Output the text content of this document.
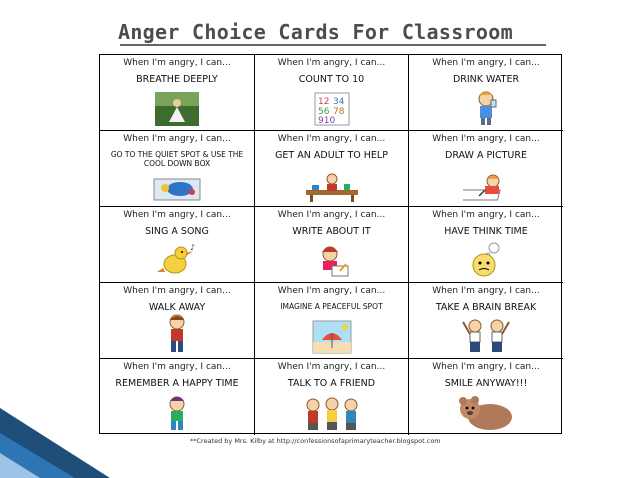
Anger Choice Cards For Classroom
When I'm angry, I can...
BREATHE DEEPLY
When I'm angry, I can...
COUNT TO 10
12 34
56 78
910
When I'm angry, I can...
DRINK WATER
When I'm angry, I can...
GO TO THE QUIET SPOT & USE THE COOL DOWN BOX
When I'm angry, I can...
GET AN ADULT TO HELP
When I'm angry, I can...
DRAW A PICTURE
When I'm angry, I can...
SING A SONG
♪
When I'm angry, I can...
WRITE ABOUT IT
When I'm angry, I can...
HAVE THINK TIME
When I'm angry, I can...
WALK AWAY
When I'm angry, I can...
IMAGINE A PEACEFUL SPOT
When I'm angry, I can...
TAKE A BRAIN BREAK
When I'm angry, I can...
REMEMBER A HAPPY TIME
When I'm angry, I can...
TALK TO A FRIEND
When I'm angry, I can...
SMILE ANYWAY!!!
**Created by Mrs. Kilby at http://confessionsofaprimaryteacher.blogspot.com
